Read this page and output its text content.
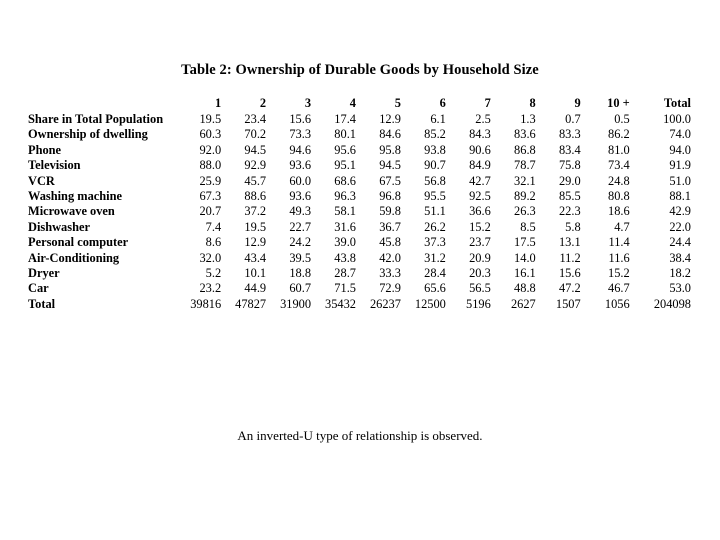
Table 2: Ownership of Durable Goods by Household Size
	1	2	3	4	5	6	7	8	9	10 +	Total
Share in Total Population	19.5	23.4	15.6	17.4	12.9	6.1	2.5	1.3	0.7	0.5	100.0
Ownership of dwelling	60.3	70.2	73.3	80.1	84.6	85.2	84.3	83.6	83.3	86.2	74.0
Phone	92.0	94.5	94.6	95.6	95.8	93.8	90.6	86.8	83.4	81.0	94.0
Television	88.0	92.9	93.6	95.1	94.5	90.7	84.9	78.7	75.8	73.4	91.9
VCR	25.9	45.7	60.0	68.6	67.5	56.8	42.7	32.1	29.0	24.8	51.0
Washing machine	67.3	88.6	93.6	96.3	96.8	95.5	92.5	89.2	85.5	80.8	88.1
Microwave oven	20.7	37.2	49.3	58.1	59.8	51.1	36.6	26.3	22.3	18.6	42.9
Dishwasher	7.4	19.5	22.7	31.6	36.7	26.2	15.2	8.5	5.8	4.7	22.0
Personal computer	8.6	12.9	24.2	39.0	45.8	37.3	23.7	17.5	13.1	11.4	24.4
Air-Conditioning	32.0	43.4	39.5	43.8	42.0	31.2	20.9	14.0	11.2	11.6	38.4
Dryer	5.2	10.1	18.8	28.7	33.3	28.4	20.3	16.1	15.6	15.2	18.2
Car	23.2	44.9	60.7	71.5	72.9	65.6	56.5	48.8	47.2	46.7	53.0
Total	39816	47827	31900	35432	26237	12500	5196	2627	1507	1056	204098
An inverted-U type of relationship is observed.
